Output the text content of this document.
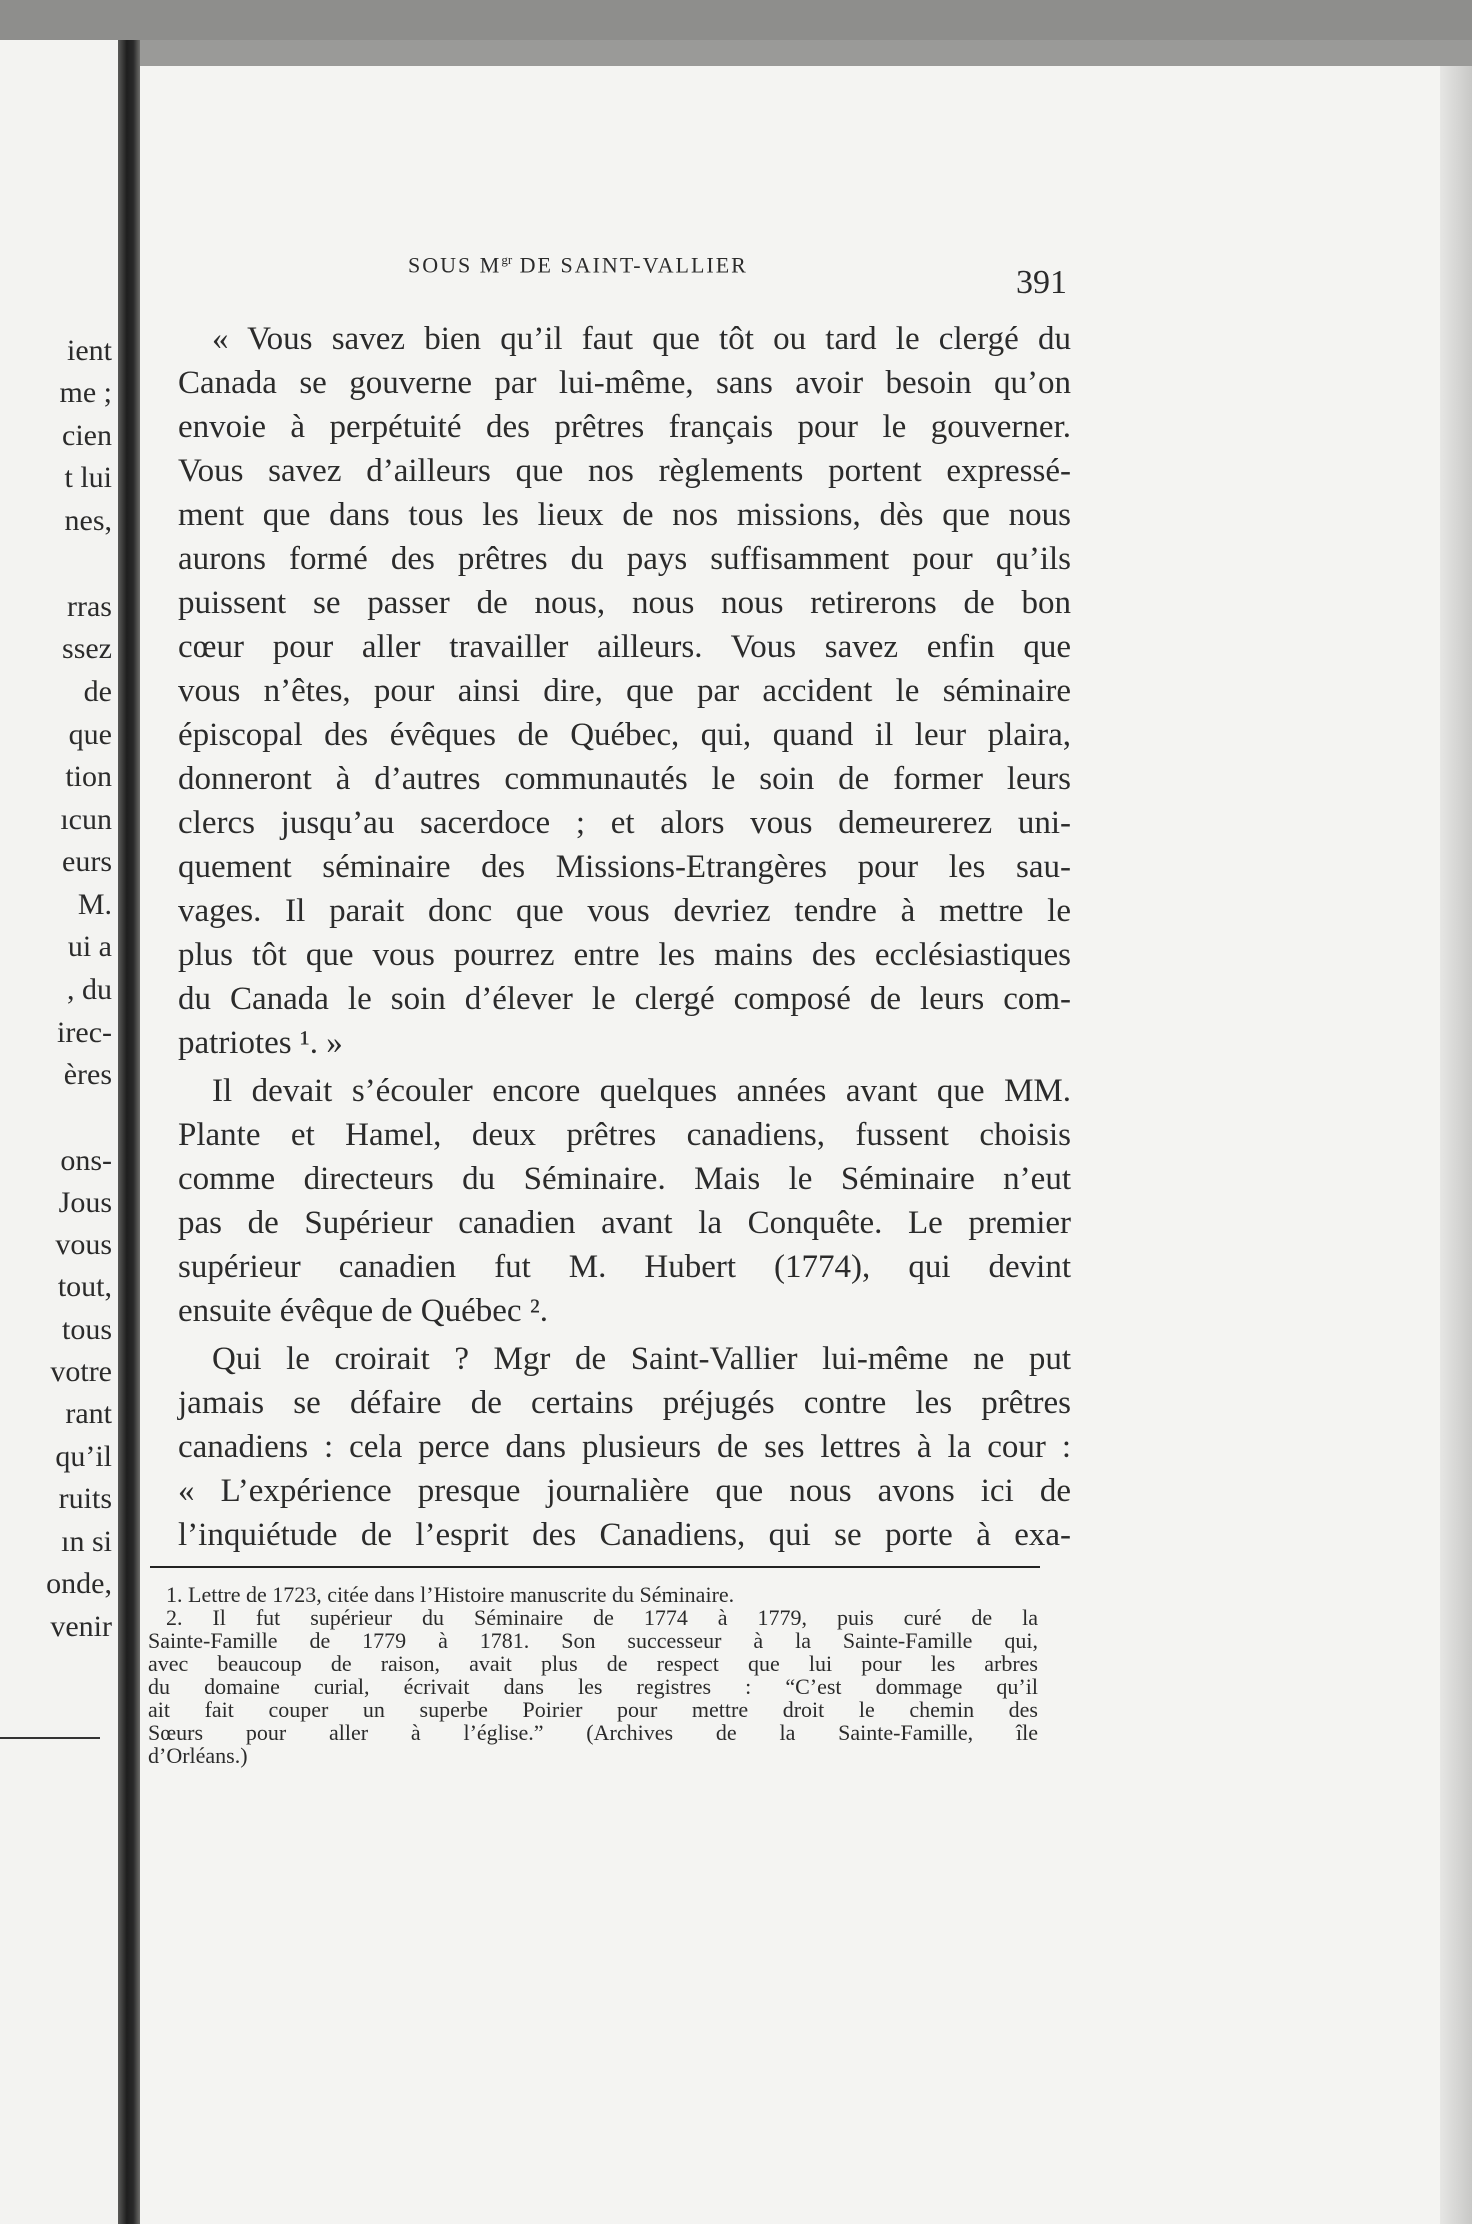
ient
me ;
cien
t lui
nes,
rras
ssez
de
que
tion
ıcun
eurs
M.
ui a
, du
irec-
ères
ons-
Jous
vous
tout,
tous
votre
rant
qu’il
ruits
ın si
onde,
venir
SOUS $M^{gr}$ DE SAINT-VALLIER	391
« Vous savez bien qu’il faut que tôt ou tard le clergé du
Canada se gouverne par lui-même, sans avoir besoin qu’on
envoie à perpétuité des prêtres français pour le gouverner.
Vous savez d’ailleurs que nos règlements portent expressé-
ment que dans tous les lieux de nos missions, dès que nous
aurons formé des prêtres du pays suffisamment pour qu’ils
puissent se passer de nous, nous nous retirerons de bon
cœur pour aller travailler ailleurs. Vous savez enfin que
vous n’êtes, pour ainsi dire, que par accident le séminaire
épiscopal des évêques de Québec, qui, quand il leur plaira,
donneront à d’autres communautés le soin de former leurs
clercs jusqu’au sacerdoce ; et alors vous demeurerez uni-
quement séminaire des Missions-Etrangères pour les sau-
vages. Il parait donc que vous devriez tendre à mettre le
plus tôt que vous pourrez entre les mains des ecclésiastiques
du Canada le soin d’élever le clergé composé de leurs com-
patriotes ¹. »
Il devait s’écouler encore quelques années avant que MM.
Plante et Hamel, deux prêtres canadiens, fussent choisis
comme directeurs du Séminaire. Mais le Séminaire n’eut
pas de Supérieur canadien avant la Conquête. Le premier
supérieur canadien fut M. Hubert (1774), qui devint
ensuite évêque de Québec ².
Qui le croirait ? Mgr de Saint-Vallier lui-même ne put
jamais se défaire de certains préjugés contre les prêtres
canadiens : cela perce dans plusieurs de ses lettres à la cour :
« L’expérience presque journalière que nous avons ici de
l’inquiétude de l’esprit des Canadiens, qui se porte à exa-
1. Lettre de 1723, citée dans l’Histoire manuscrite du Séminaire.
2. Il fut supérieur du Séminaire de 1774 à 1779, puis curé de la
Sainte-Famille de 1779 à 1781. Son successeur à la Sainte-Famille qui,
avec beaucoup de raison, avait plus de respect que lui pour les arbres
du domaine curial, écrivait dans les registres : “C’est dommage qu’il
ait fait couper un superbe Poirier pour mettre droit le chemin des
Sœurs pour aller à l’église.” (Archives de la Sainte-Famille, île
d’Orléans.)
